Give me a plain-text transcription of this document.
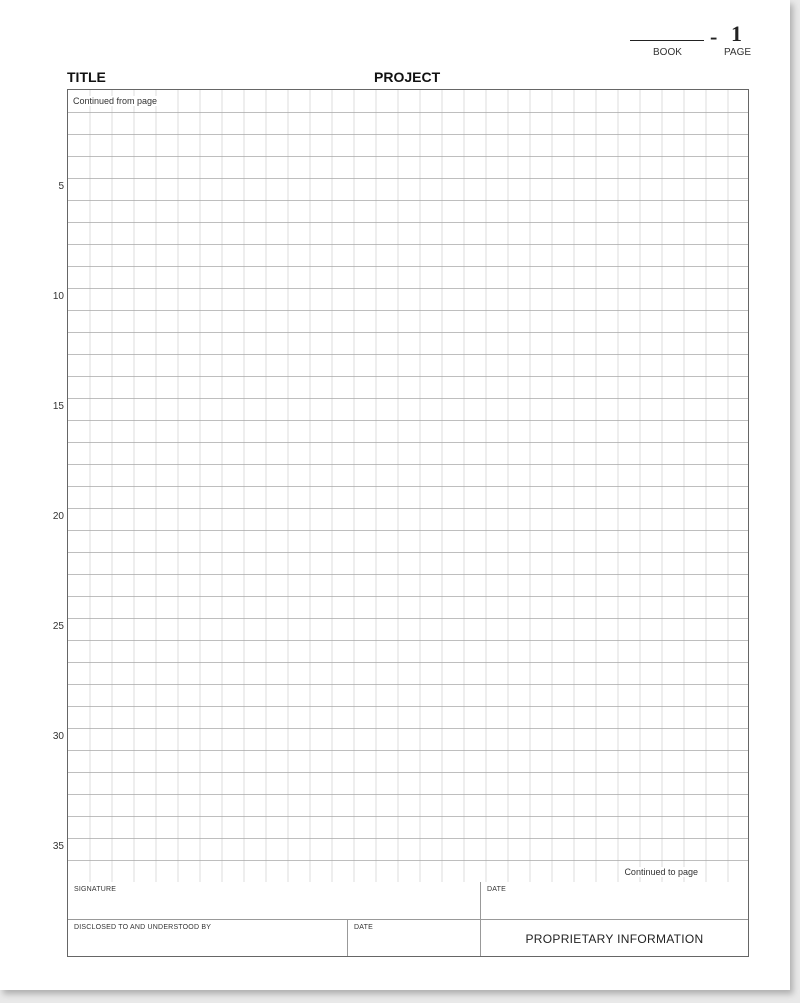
- 1
BOOK	PAGE
TITLE	PROJECT
5
10
15
20
25
30
35
Continued from page
Continued to page
SIGNATURE	DATE
DISCLOSED TO AND UNDERSTOOD BY	DATE
PROPRIETARY INFORMATION
